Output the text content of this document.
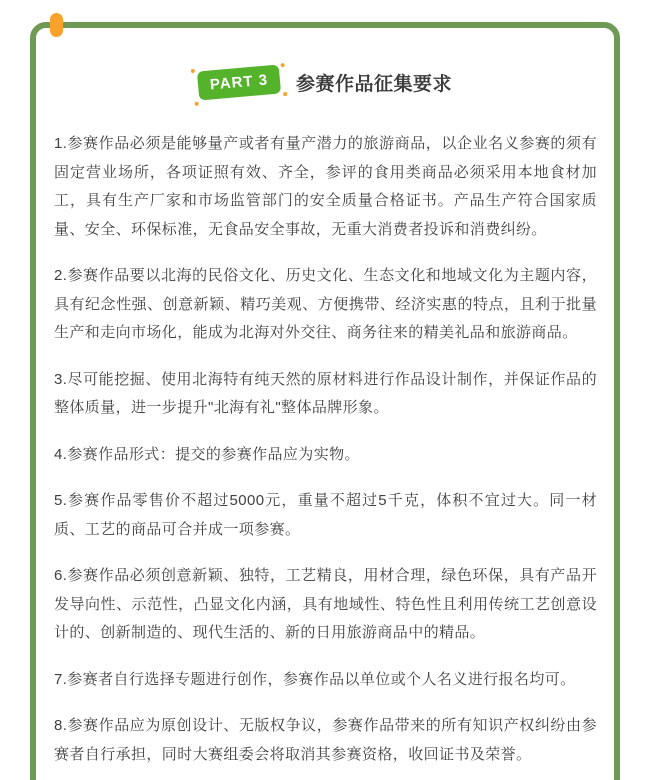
PART 3 参赛作品征集要求

1.参赛作品必须是能够量产或者有量产潜力的旅游商品，以企业名义参赛的须有固定营业场所，各项证照有效、齐全，参评的食用类商品必须采用本地食材加工，具有生产厂家和市场监管部门的安全质量合格证书。产品生产符合国家质量、安全、环保标准，无食品安全事故，无重大消费者投诉和消费纠纷。

2.参赛作品要以北海的民俗文化、历史文化、生态文化和地域文化为主题内容，具有纪念性强、创意新颖、精巧美观、方便携带、经济实惠的特点，且利于批量生产和走向市场化，能成为北海对外交往、商务往来的精美礼品和旅游商品。

3.尽可能挖掘、使用北海特有纯天然的原材料进行作品设计制作，并保证作品的整体质量，进一步提升"北海有礼"整体品牌形象。

4.参赛作品形式：提交的参赛作品应为实物。

5.参赛作品零售价不超过5000元，重量不超过5千克，体积不宜过大。同一材质、工艺的商品可合并成一项参赛。

6.参赛作品必须创意新颖、独特，工艺精良，用材合理，绿色环保，具有产品开发导向性、示范性，凸显文化内涵，具有地域性、特色性且利用传统工艺创意设计的、创新制造的、现代生活的、新的日用旅游商品中的精品。

7.参赛者自行选择专题进行创作，参赛作品以单位或个人名义进行报名均可。

8.参赛作品应为原创设计、无版权争议，参赛作品带来的所有知识产权纠纷由参赛者自行承担，同时大赛组委会将取消其参赛资格，收回证书及荣誉。
